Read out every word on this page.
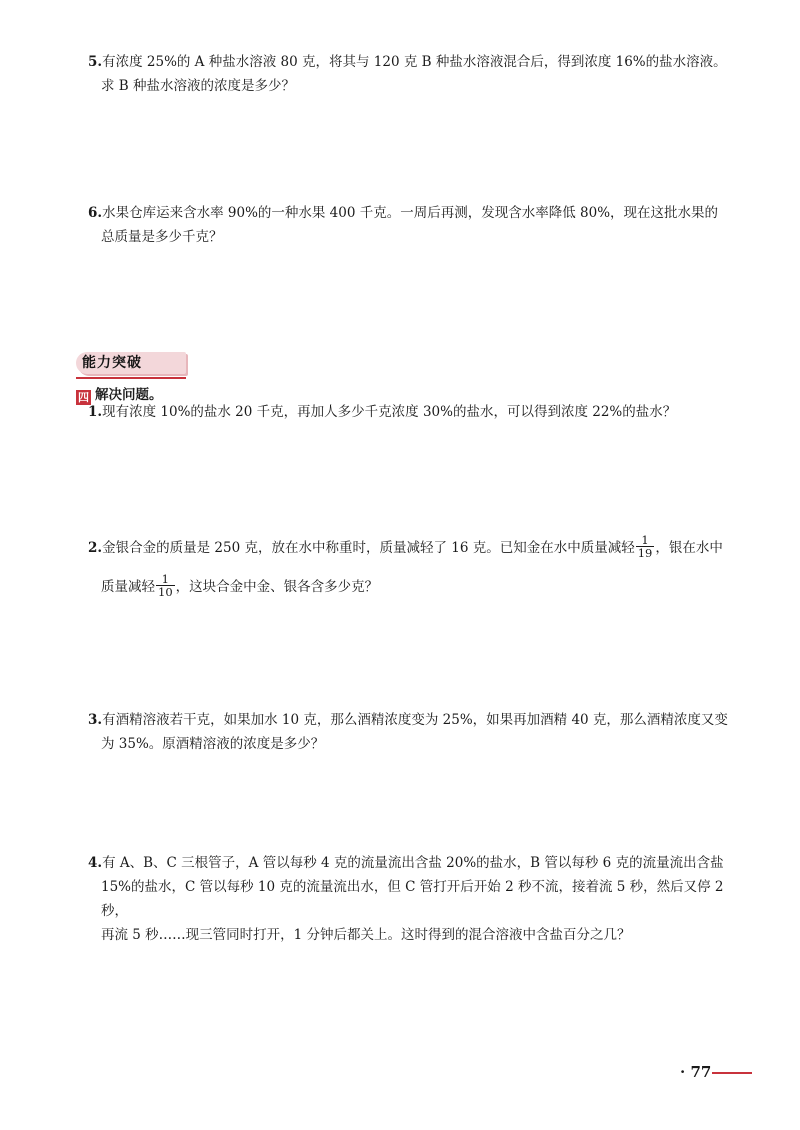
5.有浓度 25%的 A 种盐水溶液 80 克，将其与 120 克 B 种盐水溶液混合后，得到浓度 16%的盐水溶液。
求 B 种盐水溶液的浓度是多少？
6.水果仓库运来含水率 90%的一种水果 400 千克。一周后再测，发现含水率降低 80%，现在这批水果的
总质量是多少千克？
能力突破
四 解决问题。
1.现有浓度 10%的盐水 20 千克，再加人多少千克浓度 30%的盐水，可以得到浓度 22%的盐水？
2.金银合金的质量是 250 克，放在水中称重时，质量减轻了 16 克。已知金在水中质量减轻 $\frac{1}{19}$ ，银在水中
质量减轻 $\frac{1}{10}$ ，这块合金中金、银各含多少克？
3.有酒精溶液若干克，如果加水 10 克，那么酒精浓度变为 25%，如果再加酒精 40 克，那么酒精浓度又变
为 35%。原酒精溶液的浓度是多少？
4.有 A、B、C 三根管子，A 管以每秒 4 克的流量流出含盐 20%的盐水，B 管以每秒 6 克的流量流出含盐
15%的盐水，C 管以每秒 10 克的流量流出水，但 C 管打开后开始 2 秒不流，接着流 5 秒，然后又停 2 秒，
再流 5 秒……现三管同时打开，1 分钟后都关上。这时得到的混合溶液中含盐百分之几？
· 77
